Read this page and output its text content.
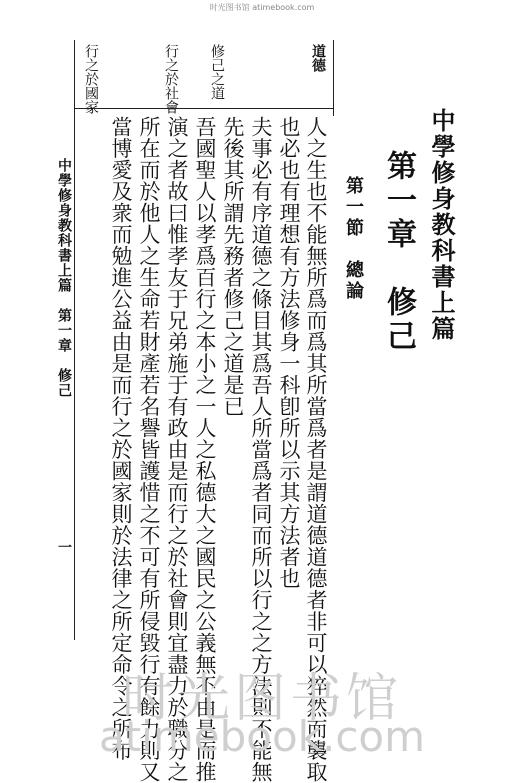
时光图书馆 atimebook.com
中學修身教科書上篇
第一章　修己
第一節　總論
人之生也不能無所爲而爲其所當爲者是謂道德道德者非可以猝然而襲取
也必也有理想有方法修身一科卽所以示其方法者也
夫事必有序道德之條目其爲吾人所當爲者同而所以行之之方法則不能無
先後其所謂先務者修己之道是已
吾國聖人以孝爲百行之本小之一人之私德大之國民之公義無不由是而推
演之者故曰惟孝友于兄弟施于有政由是而行之於社會則宜盡力於職分之
所在而於他人之生命若財產若名譽皆護惜之不可有所侵毀行有餘力則又
當博愛及衆而勉進公益由是而行之於國家則於法律之所定命令之所布
道德
修己之道
行之於社會
行之於國家
中學修身教科書上篇　第一章　修己
一
时光图书馆
atimebook.com
